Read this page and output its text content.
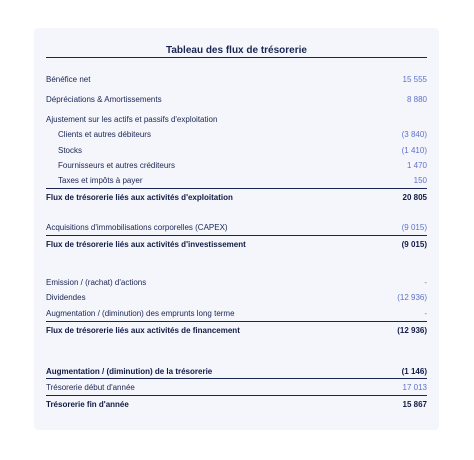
Tableau des flux de trésorerie
Bénéfice net	15 555
Dépréciations & Amortissements	8 880
Ajustement sur les actifs et passifs d'exploitation
Clients et autres débiteurs	(3 840)
Stocks	(1 410)
Fournisseurs et autres créditeurs	1 470
Taxes et impôts à payer	150
Flux de trésorerie liés aux activités d'exploitation	20 805
Acquisitions d'immobilisations corporelles (CAPEX)	(9 015)
Flux de trésorerie liés aux activités d'investissement	(9 015)
Emission / (rachat) d'actions	-
Dividendes	(12 936)
Augmentation / (diminution) des emprunts long terme	-
Flux de trésorerie liés aux activités de financement	(12 936)
Augmentation / (diminution) de la trésorerie	(1 146)
Trésorerie début d'année	17 013
Trésorerie fin d'année	15 867
